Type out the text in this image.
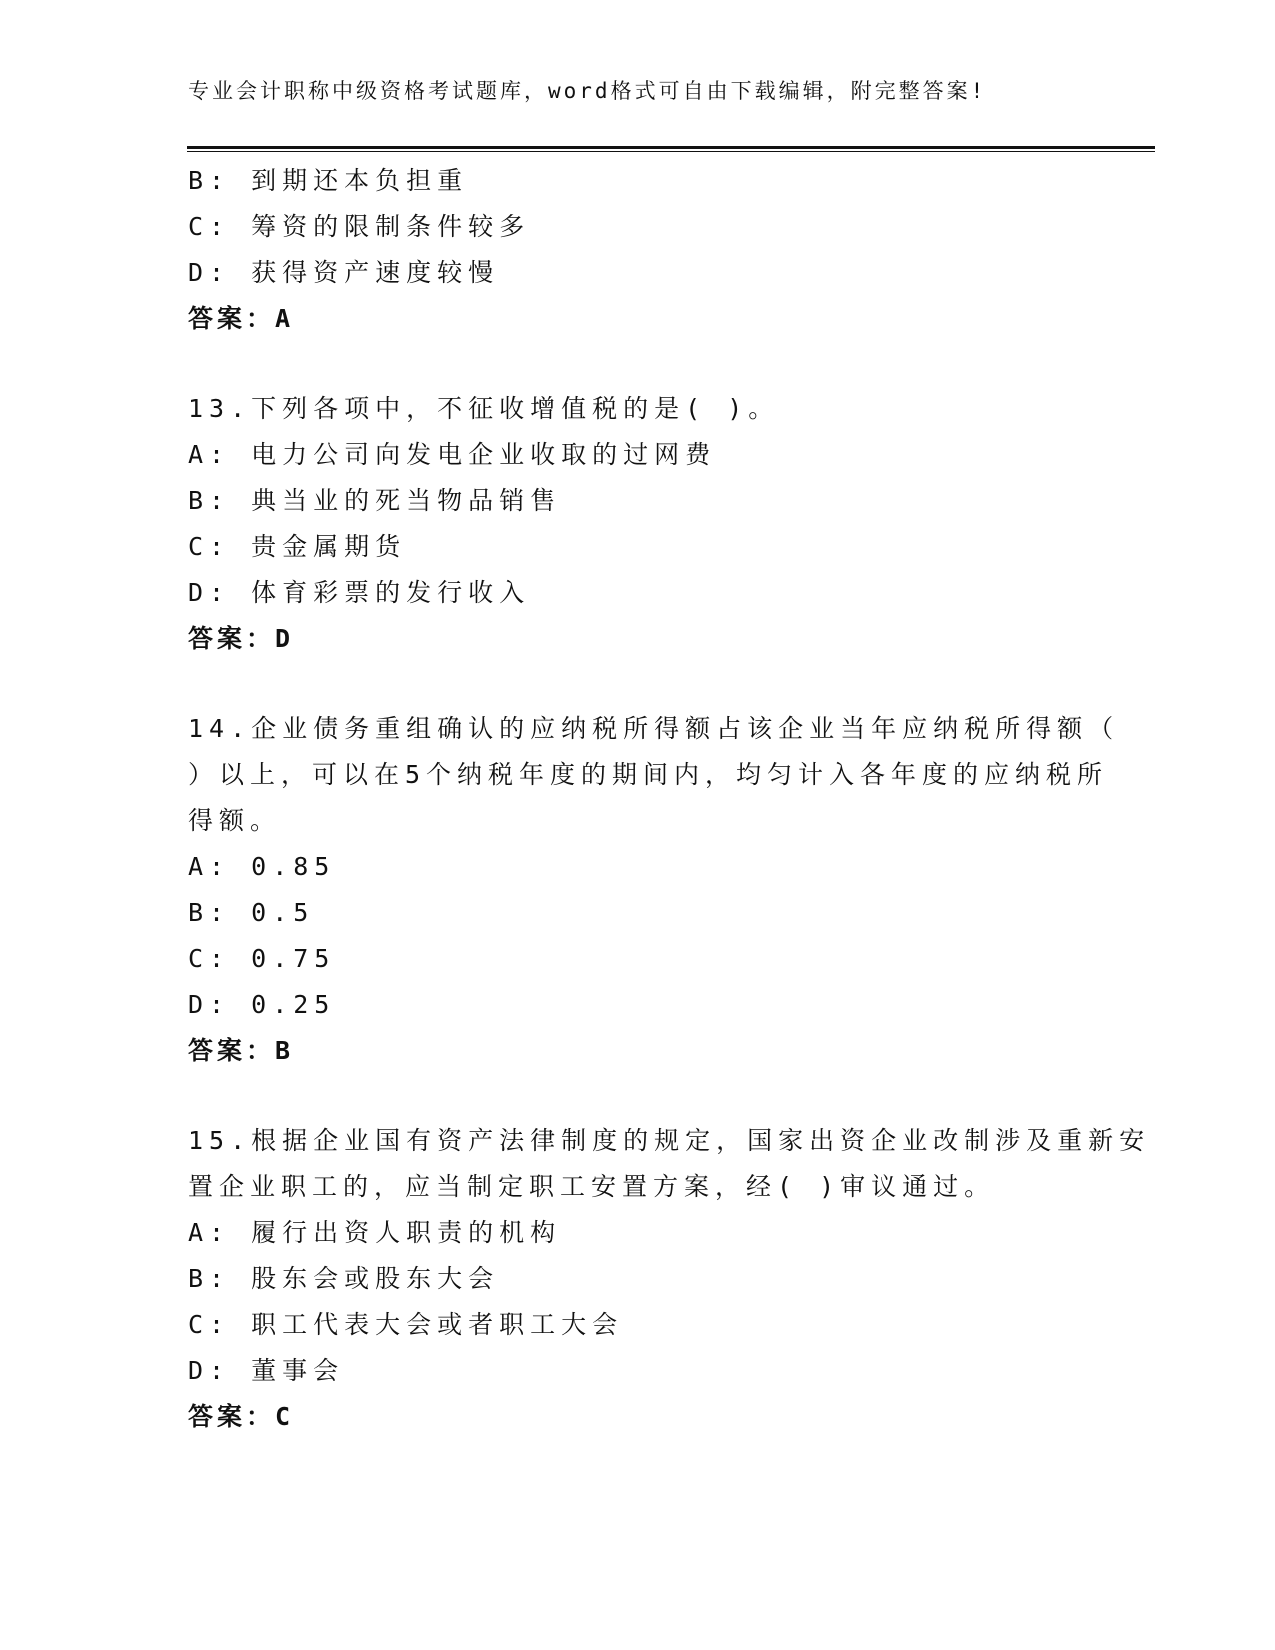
专业会计职称中级资格考试题库，word格式可自由下载编辑，附完整答案!
B: 到期还本负担重
C: 筹资的限制条件较多
D: 获得资产速度较慢
答案：A
13.下列各项中，不征收增值税的是( )。
A: 电力公司向发电企业收取的过网费
B: 典当业的死当物品销售
C: 贵金属期货
D: 体育彩票的发行收入
答案：D
14.企业债务重组确认的应纳税所得额占该企业当年应纳税所得额（
）以上，可以在5个纳税年度的期间内，均匀计入各年度的应纳税所
得额。
A: 0.85
B: 0.5
C: 0.75
D: 0.25
答案：B
15.根据企业国有资产法律制度的规定，国家出资企业改制涉及重新安
置企业职工的，应当制定职工安置方案，经( )审议通过。
A: 履行出资人职责的机构
B: 股东会或股东大会
C: 职工代表大会或者职工大会
D: 董事会
答案：C
